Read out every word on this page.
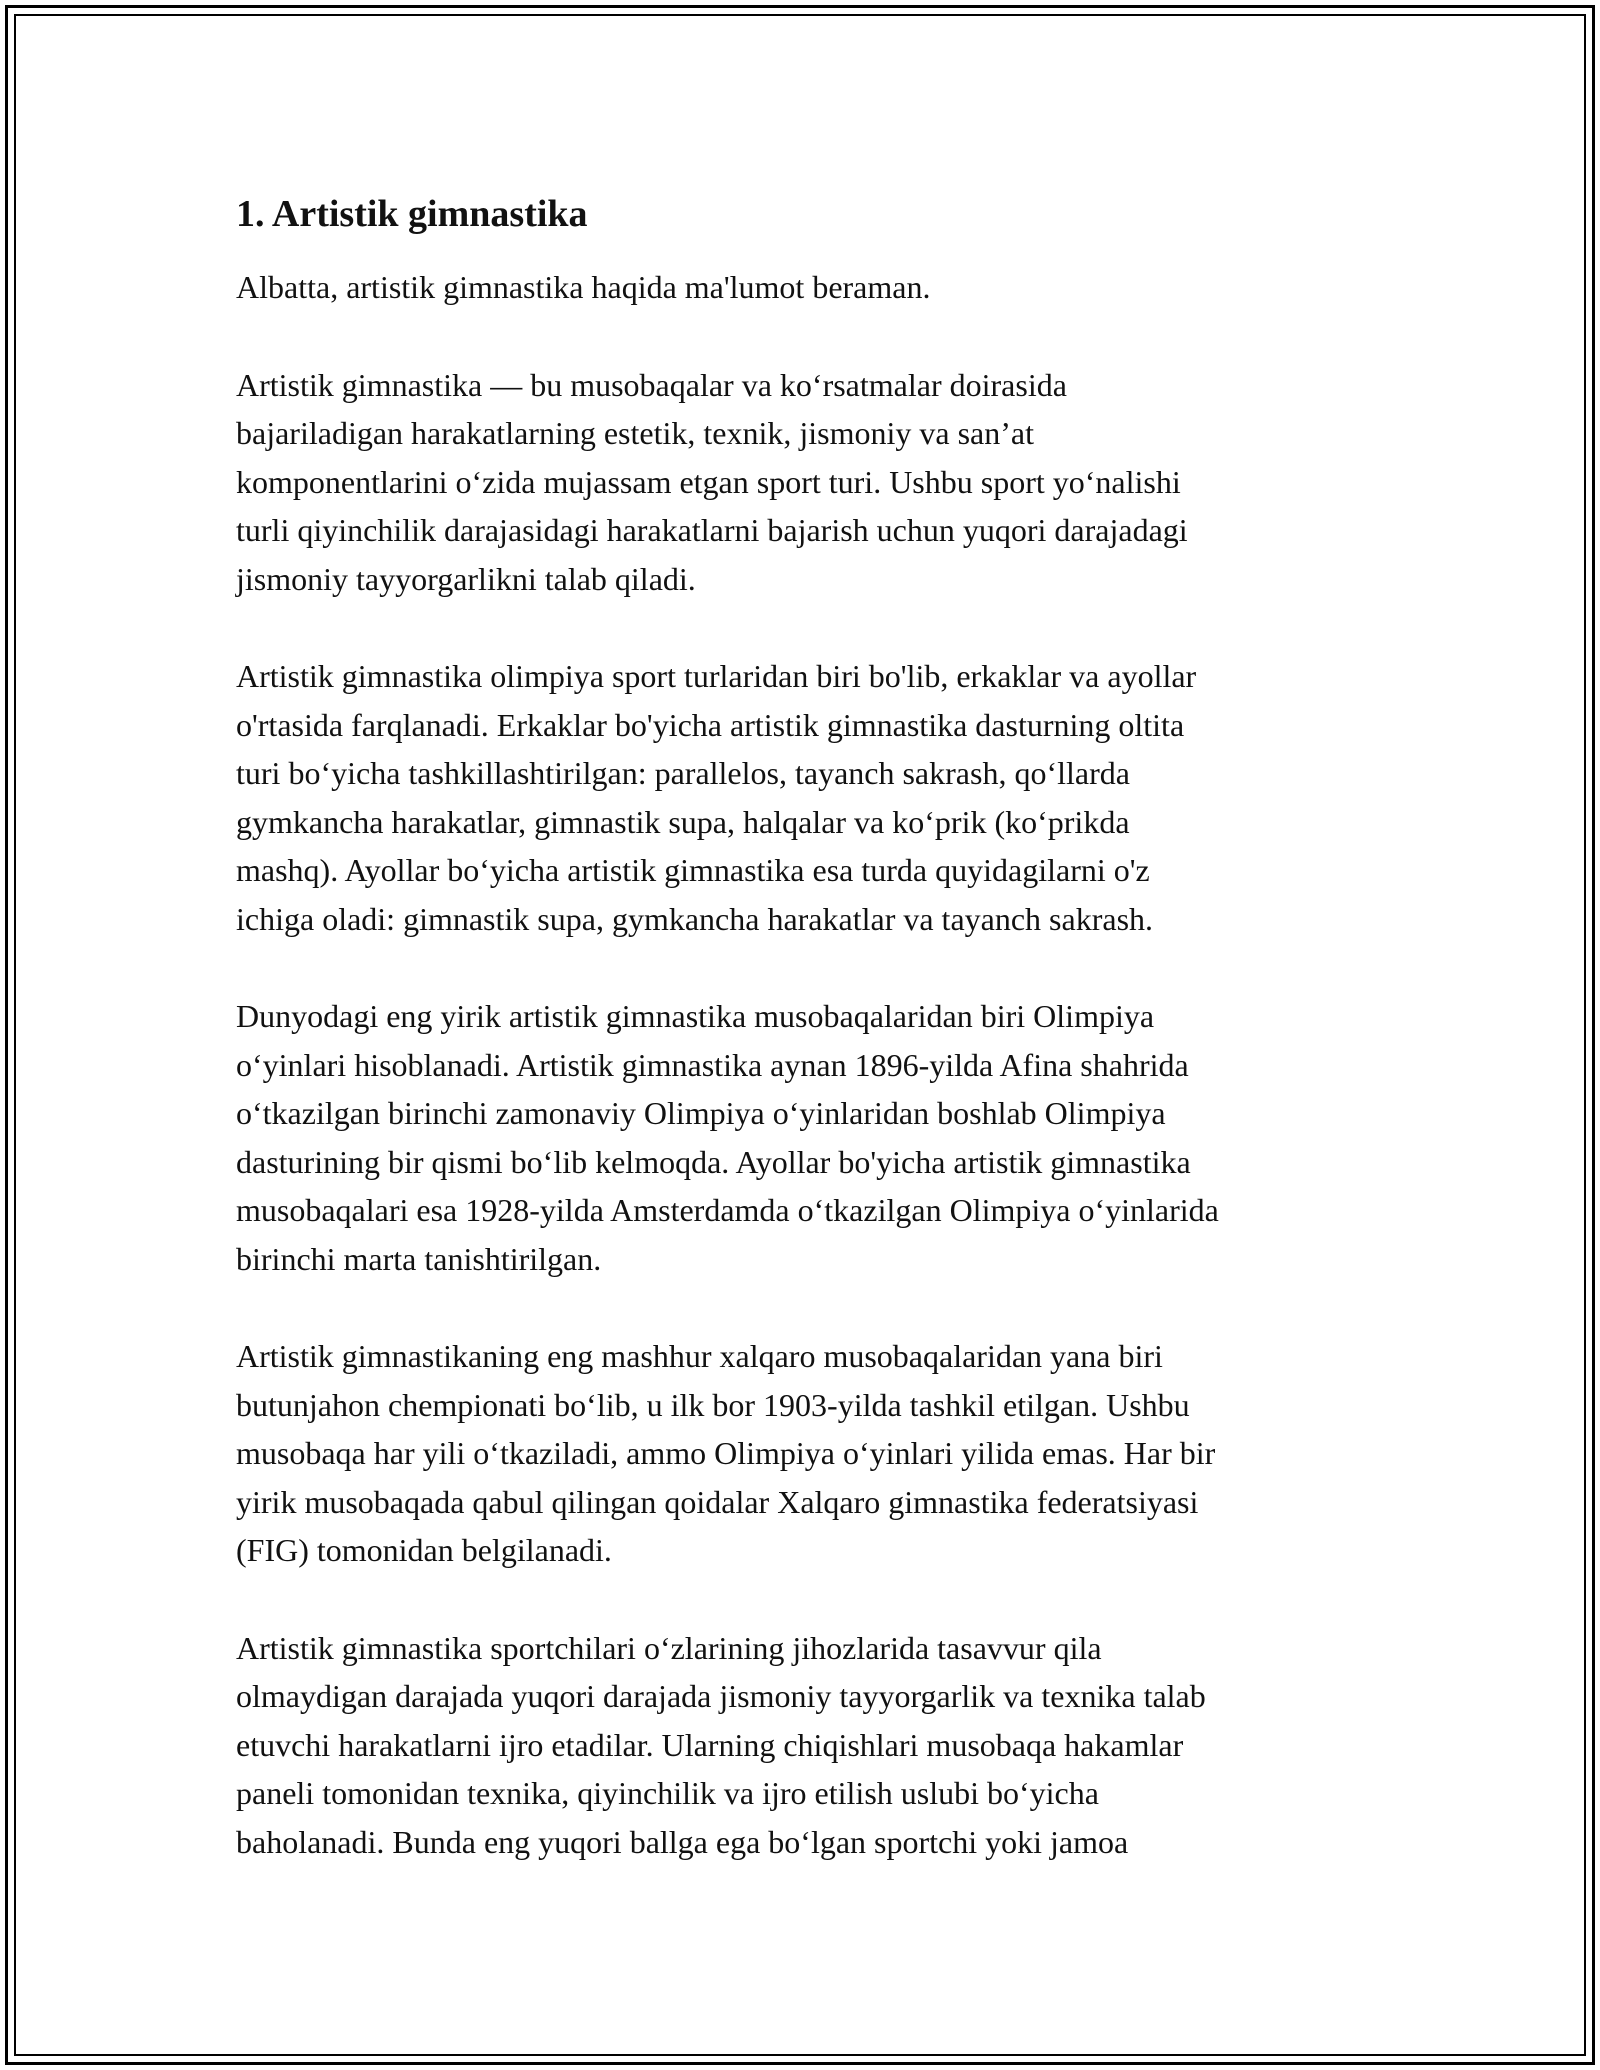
1. Artistik gimnastika
Albatta, artistik gimnastika haqida ma'lumot beraman.
Artistik gimnastika — bu musobaqalar va ko‘rsatmalar doirasida
bajariladigan harakatlarning estetik, texnik, jismoniy va san’at
komponentlarini o‘zida mujassam etgan sport turi. Ushbu sport yo‘nalishi
turli qiyinchilik darajasidagi harakatlarni bajarish uchun yuqori darajadagi
jismoniy tayyorgarlikni talab qiladi.
Artistik gimnastika olimpiya sport turlaridan biri bo'lib, erkaklar va ayollar
o'rtasida farqlanadi. Erkaklar bo'yicha artistik gimnastika dasturning oltita
turi bo‘yicha tashkillashtirilgan: parallelos, tayanch sakrash, qo‘llarda
gymkancha harakatlar, gimnastik supa, halqalar va ko‘prik (ko‘prikda
mashq). Ayollar bo‘yicha artistik gimnastika esa turda quyidagilarni o'z
ichiga oladi: gimnastik supa, gymkancha harakatlar va tayanch sakrash.
Dunyodagi eng yirik artistik gimnastika musobaqalaridan biri Olimpiya
o‘yinlari hisoblanadi. Artistik gimnastika aynan 1896-yilda Afina shahrida
o‘tkazilgan birinchi zamonaviy Olimpiya o‘yinlaridan boshlab Olimpiya
dasturining bir qismi bo‘lib kelmoqda. Ayollar bo'yicha artistik gimnastika
musobaqalari esa 1928-yilda Amsterdamda o‘tkazilgan Olimpiya o‘yinlarida
birinchi marta tanishtirilgan.
Artistik gimnastikaning eng mashhur xalqaro musobaqalaridan yana biri
butunjahon chempionati bo‘lib, u ilk bor 1903-yilda tashkil etilgan. Ushbu
musobaqa har yili o‘tkaziladi, ammo Olimpiya o‘yinlari yilida emas. Har bir
yirik musobaqada qabul qilingan qoidalar Xalqaro gimnastika federatsiyasi
(FIG) tomonidan belgilanadi.
Artistik gimnastika sportchilari o‘zlarining jihozlarida tasavvur qila
olmaydigan darajada yuqori darajada jismoniy tayyorgarlik va texnika talab
etuvchi harakatlarni ijro etadilar. Ularning chiqishlari musobaqa hakamlar
paneli tomonidan texnika, qiyinchilik va ijro etilish uslubi bo‘yicha
baholanadi. Bunda eng yuqori ballga ega bo‘lgan sportchi yoki jamoa
